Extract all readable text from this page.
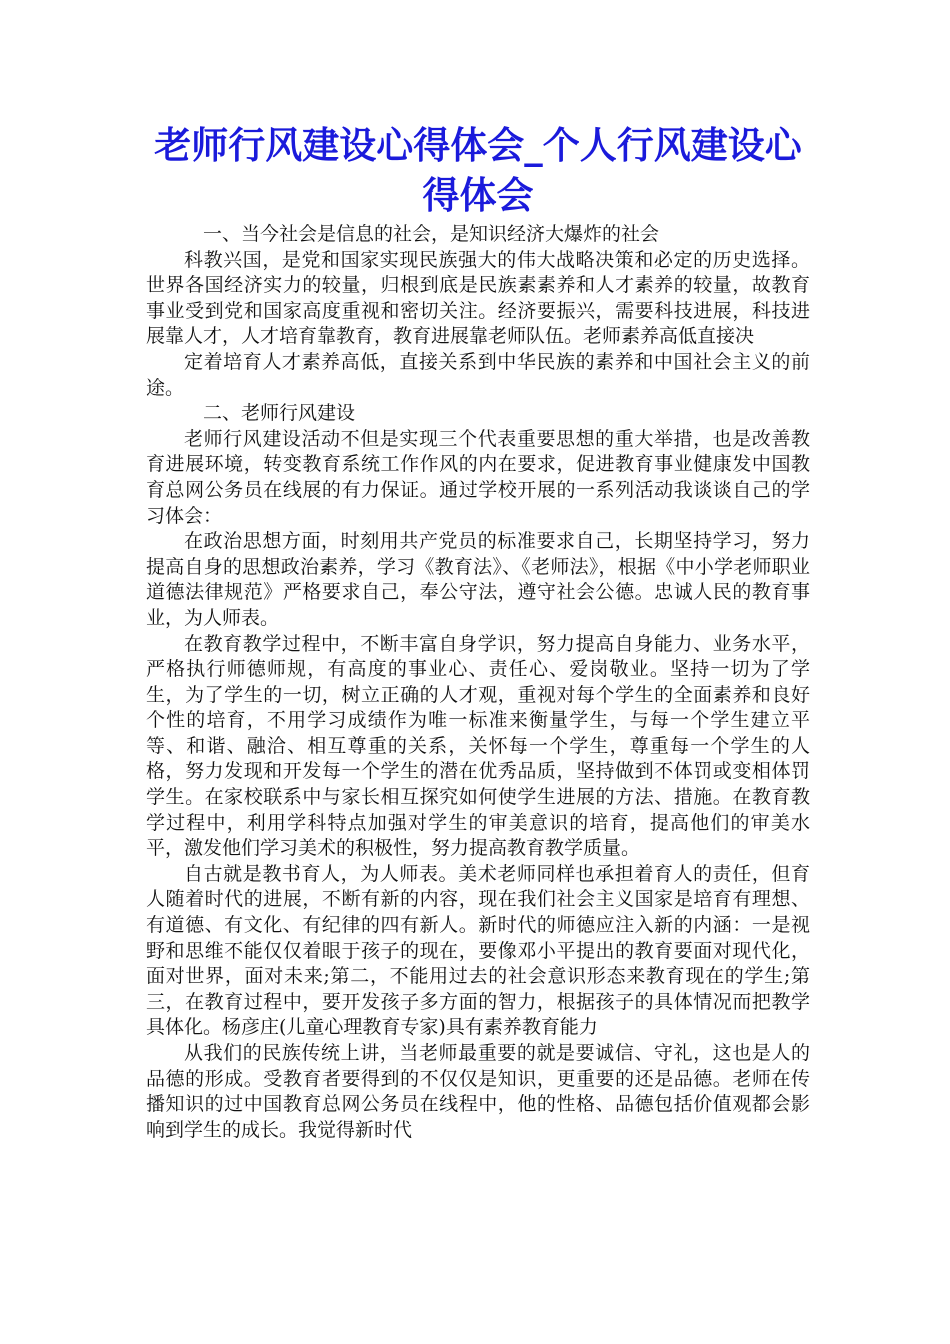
老师行风建设心得体会_个人行风建设心得体会

一、当今社会是信息的社会，是知识经济大爆炸的社会

科教兴国，是党和国家实现民族强大的伟大战略决策和必定的历史选择。世界各国经济实力的较量，归根到底是民族素素养和人才素养的较量，故教育事业受到党和国家高度重视和密切关注。经济要振兴，需要科技进展，科技进展靠人才，人才培育靠教育，教育进展靠老师队伍。老师素养高低直接决

定着培育人才素养高低，直接关系到中华民族的素养和中国社会主义的前途。

二、老师行风建设

老师行风建设活动不但是实现三个代表重要思想的重大举措，也是改善教育进展环境，转变教育系统工作作风的内在要求，促进教育事业健康发中国教育总网公务员在线展的有力保证。通过学校开展的一系列活动我谈谈自己的学习体会：

在政治思想方面，时刻用共产党员的标准要求自己，长期坚持学习，努力提高自身的思想政治素养，学习《教育法》、《老师法》，根据《中小学老师职业道德法律规范》严格要求自己，奉公守法，遵守社会公德。忠诚人民的教育事业，为人师表。

在教育教学过程中，不断丰富自身学识，努力提高自身能力、业务水平，严格执行师德师规，有高度的事业心、责任心、爱岗敬业。坚持一切为了学生，为了学生的一切，树立正确的人才观，重视对每个学生的全面素养和良好个性的培育，不用学习成绩作为唯一标准来衡量学生，与每一个学生建立平等、和谐、融洽、相互尊重的关系，关怀每一个学生，尊重每一个学生的人格，努力发现和开发每一个学生的潜在优秀品质，坚持做到不体罚或变相体罚学生。在家校联系中与家长相互探究如何使学生进展的方法、措施。在教育教学过程中，利用学科特点加强对学生的审美意识的培育，提高他们的审美水平，激发他们学习美术的积极性，努力提高教育教学质量。

自古就是教书育人，为人师表。美术老师同样也承担着育人的责任，但育人随着时代的进展，不断有新的内容，现在我们社会主义国家是培育有理想、有道德、有文化、有纪律的四有新人。新时代的师德应注入新的内涵：一是视野和思维不能仅仅着眼于孩子的现在，要像邓小平提出的教育要面对现代化，面对世界，面对未来;第二，不能用过去的社会意识形态来教育现在的学生;第三，在教育过程中，要开发孩子多方面的智力，根据孩子的具体情况而把教学具体化。杨彦庄(儿童心理教育专家)具有素养教育能力

从我们的民族传统上讲，当老师最重要的就是要诚信、守礼，这也是人的品德的形成。受教育者要得到的不仅仅是知识，更重要的还是品德。老师在传播知识的过中国教育总网公务员在线程中，他的性格、品德包括价值观都会影响到学生的成长。我觉得新时代
